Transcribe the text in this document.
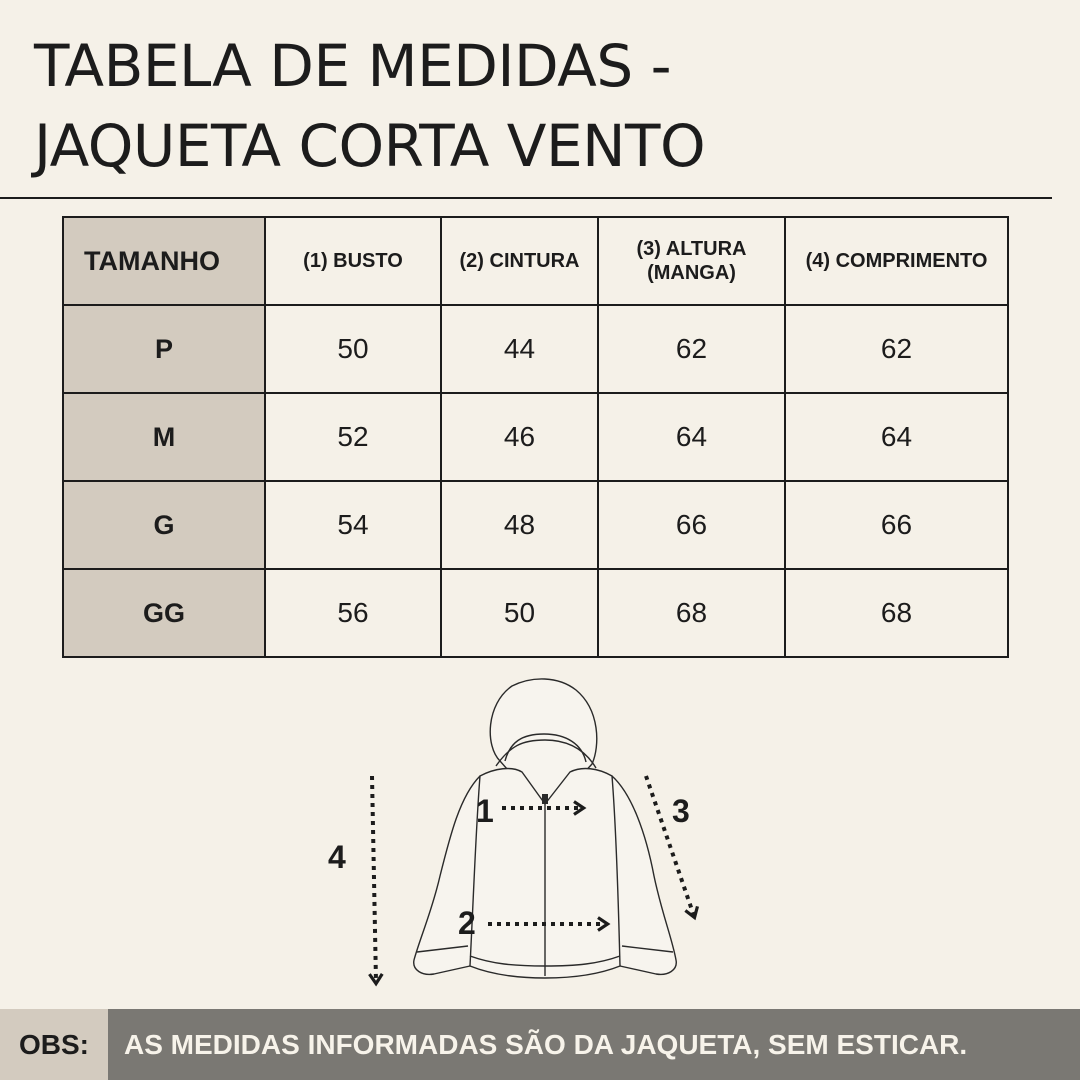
TABELA DE MEDIDAS -
JAQUETA CORTA VENTO
TAMANHO	(1) BUSTO	(2) CINTURA	(3) ALTURA (MANGA)	(4) COMPRIMENTO
P	50	44	62	62
M	52	46	64	64
G	54	48	66	66
GG	56	50	68	68
1
2
3
4
OBS:	AS MEDIDAS INFORMADAS SÃO DA JAQUETA, SEM ESTICAR.
